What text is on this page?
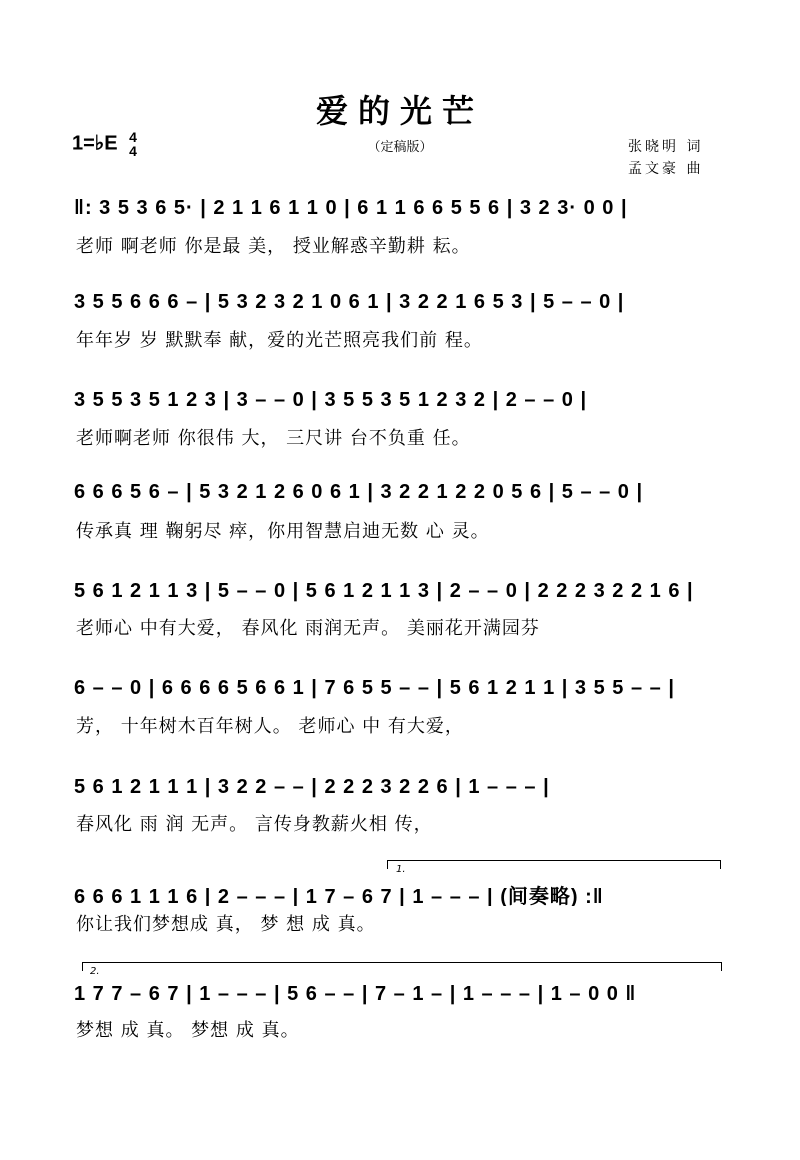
爱的光芒
（定稿版）
1=♭E 4
4	张晓明 词
孟文豪 曲
‖: 3 5 3 6 5· | 2 1 1 6 1 1 0 | 6 1 1 6 6 5 5 6 | 3 2 3· 0 0 |
老师 啊老师 你是最 美， 授业解惑辛勤耕 耘。
3 5 5 6 6 6 – | 5 3 2 3 2 1 0 6 1 | 3 2 2 1 6 5 3 | 5 – – 0 |
年年岁 岁 默默奉 献，爱的光芒照亮我们前 程。
3 5 5 3 5 1 2 3 | 3 – – 0 | 3 5 5 3 5 1 2 3 2 | 2 – – 0 |
老师啊老师 你很伟 大， 三尺讲 台不负重 任。
6 6 6 5 6 – | 5 3 2 1 2 6 0 6 1 | 3 2 2 1 2 2 0 5 6 | 5 – – 0 |
传承真 理 鞠躬尽 瘁，你用智慧启迪无数 心 灵。
5 6 1 2 1 1 3 | 5 – – 0 | 5 6 1 2 1 1 3 | 2 – – 0 | 2 2 2 3 2 2 1 6 |
老师心 中有大爱， 春风化 雨润无声。 美丽花开满园芬
6 – – 0 | 6 6 6 6 5 6 6 1 | 7 6 5 5 – – | 5 6 1 2 1 1 | 3 5 5 – – |
芳， 十年树木百年树人。 老师心 中 有大爱，
5 6 1 2 1 1 1 | 3 2 2 – – | 2 2 2 3 2 2 6 | 1 – – – |
春风化 雨 润 无声。 言传身教薪火相 传，
1.
6 6 6 1 1 1 6 | 2 – – – | 1 7 – 6 7 | 1 – – – | (间奏略) :‖
你让我们梦想成 真， 梦 想 成 真。
2.
1 7 7 – 6 7 | 1 – – – | 5 6 – – | 7 – 1 – | 1 – – – | 1 – 0 0 ‖
梦想 成 真。 梦想 成 真。
